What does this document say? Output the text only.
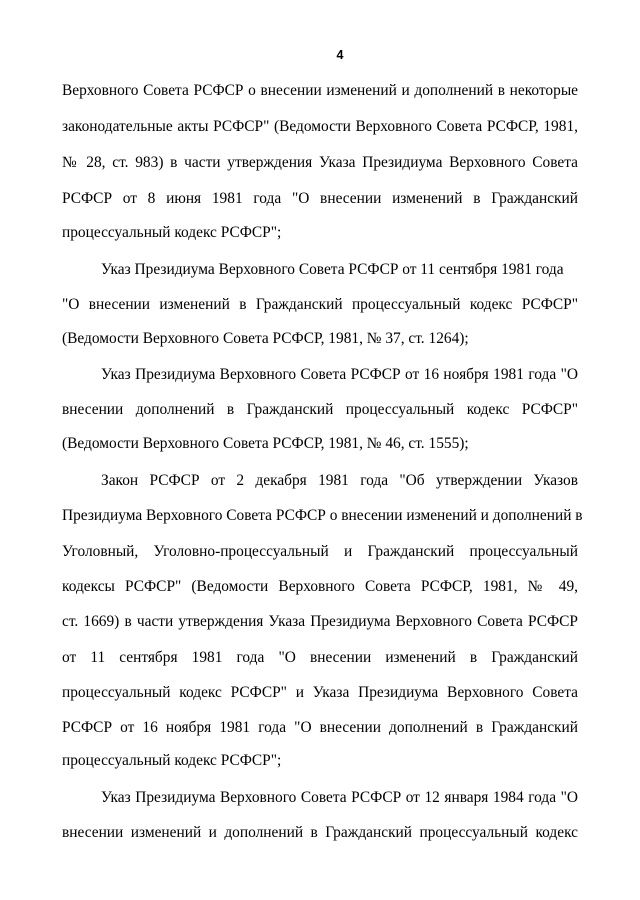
4

Верховного Совета РСФСР о внесении изменений и дополнений в некоторые

законодательные акты РСФСР" (Ведомости Верховного Совета РСФСР, 1981,

№ 28, ст. 983) в части утверждения Указа Президиума Верховного Совета

РСФСР от 8 июня 1981 года "О внесении изменений в Гражданский

процессуальный кодекс РСФСР";

Указ Президиума Верховного Совета РСФСР от 11 сентября 1981 года

"О внесении изменений в Гражданский процессуальный кодекс РСФСР"

(Ведомости Верховного Совета РСФСР, 1981, № 37, ст. 1264);

Указ Президиума Верховного Совета РСФСР от 16 ноября 1981 года "О

внесении дополнений в Гражданский процессуальный кодекс РСФСР"

(Ведомости Верховного Совета РСФСР, 1981, № 46, ст. 1555);

Закон РСФСР от 2 декабря 1981 года "Об утверждении Указов

Президиума Верховного Совета РСФСР о внесении изменений и дополнений в

Уголовный, Уголовно-процессуальный и Гражданский процессуальный

кодексы РСФСР" (Ведомости Верховного Совета РСФСР, 1981, № 49,

ст. 1669) в части утверждения Указа Президиума Верховного Совета РСФСР

от 11 сентября 1981 года "О внесении изменений в Гражданский

процессуальный кодекс РСФСР" и Указа Президиума Верховного Совета

РСФСР от 16 ноября 1981 года "О внесении дополнений в Гражданский

процессуальный кодекс РСФСР";

Указ Президиума Верховного Совета РСФСР от 12 января 1984 года "О

внесении изменений и дополнений в Гражданский процессуальный кодекс
